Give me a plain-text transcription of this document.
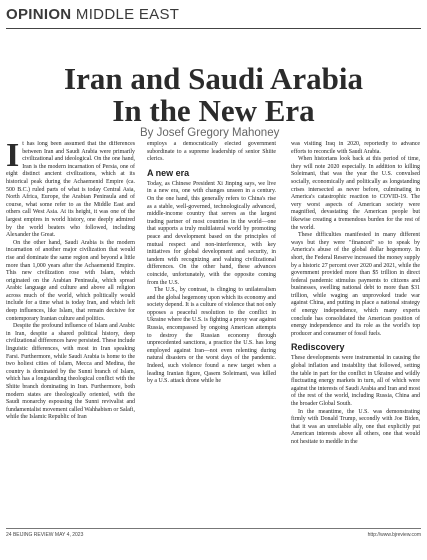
OPINION MIDDLE EAST
Iran and Saudi Arabia
In the New Era
By Josef Gregory Mahoney

It has long been assumed that the differences between Iran and Saudi Arabia were primarily civilizational and ideological. On the one hand, Iran is the modern incarnation of Persia, one of eight distinct ancient civilizations, which at its historical peak during the Achaemenid Empire (ca. 500 B.C.) ruled parts of what is today Central Asia, North Africa, Europe, the Arabian Peninsula and of course, what some refer to as the Middle East and others call West Asia. At its height, it was one of the largest empires in world history, one deeply admired by the world beaters who followed, including Alexander the Great.

On the other hand, Saudi Arabia is the modern incarnation of another major civilization that would rise and dominate the same region and beyond a little more than 1,000 years after the Achaemenid Empire. This new civilization rose with Islam, which originated on the Arabian Peninsula, which spread Arabic language and culture and above all religion across much of the world, which politically would include for a time what is today Iran, and which left deep influences, like Islam, that remain decisive for contemporary Iranian culture and politics.

Despite the profound influence of Islam and Arabic in Iran, despite a shared political history, deep civilizational differences have persisted. These include linguistic differences, with most in Iran speaking Farsi. Furthermore, while Saudi Arabia is home to the two holiest cities of Islam, Mecca and Medina, the country is dominated by the Sunni branch of Islam, which has a longstanding theological conflict with the Shiite branch dominating in Iran. Furthermore, both modern states are theologically oriented, with the Saudi monarchy espousing the Sunni revivalist and fundamentalist movement called Wahhabism or Salafi, while the Islamic Republic of Iran

employs a democratically elected government subordinate to a supreme leadership of senior Shiite clerics.

A new era

Today, as Chinese President Xi Jinping says, we live in a new era, one with changes unseen in a century. On the one hand, this generally refers to China's rise as a stable, well-governed, technologically advanced, middle-income country that serves as the largest trading partner of most countries in the world—one that supports a truly multilateral world by promoting peace and development based on the principles of mutual respect and non-interference, with key initiatives for global development and security, in tandem with recognizing and valuing civilizational differences. On the other hand, these advances coincide, unfortunately, with the opposite coming from the U.S.

The U.S., by contrast, is clinging to unilateralism and the global hegemony upon which its economy and society depend. It is a culture of violence that not only opposes a peaceful resolution to the conflict in Ukraine where the U.S. is fighting a proxy war against Russia, encompassed by ongoing American attempts to destroy the Russian economy through unprecedented sanctions, a practice the U.S. has long employed against Iran—not even relenting during natural disasters or the worst days of the pandemic. Indeed, such violence found a new target when a leading Iranian figure, Qasem Soleimani, was killed by a U.S. attack drone while he

was visiting Iraq in 2020, reportedly to advance efforts to reconcile with Saudi Arabia.

When historians look back at this period of time, they will note 2020 especially. In addition to killing Soleimani, that was the year the U.S. convulsed socially, economically and politically as longstanding crises intersected as never before, culminating in America's catastrophic reaction to COVID-19. The very worst aspects of American society were magnified, devastating the American people but likewise creating a tremendous burden for the rest of the world.

These difficulties manifested in many different ways but they were "financed" so to speak by America's abuse of the global dollar hegemony. In short, the Federal Reserve increased the money supply by a historic 27 percent over 2020 and 2021, while the government provided more than $5 trillion in direct federal pandemic stimulus payments to citizens and businesses, swelling national debt to more than $31 trillion, while waging an unprovoked trade war against China, and putting in place a national strategy of energy independence, which many experts conclude has consolidated the American position of energy independence and its role as the world's top producer and consumer of fossil fuels.

Rediscovery

These developments were instrumental in causing the global inflation and instability that followed, setting the table in part for the conflict in Ukraine and wildly fluctuating energy markets in turn, all of which were against the interests of Saudi Arabia and Iran and most of the rest of the world, including Russia, China and the broader Global South.

In the meantime, the U.S. was demonstrating firmly with Donald Trump, secondly with Joe Biden, that it was an unreliable ally, one that explicitly put American interests above all others, one that would not hesitate to meddle in the

24 BEIJING REVIEW MAY 4, 2023	http://www.bjreview.com
